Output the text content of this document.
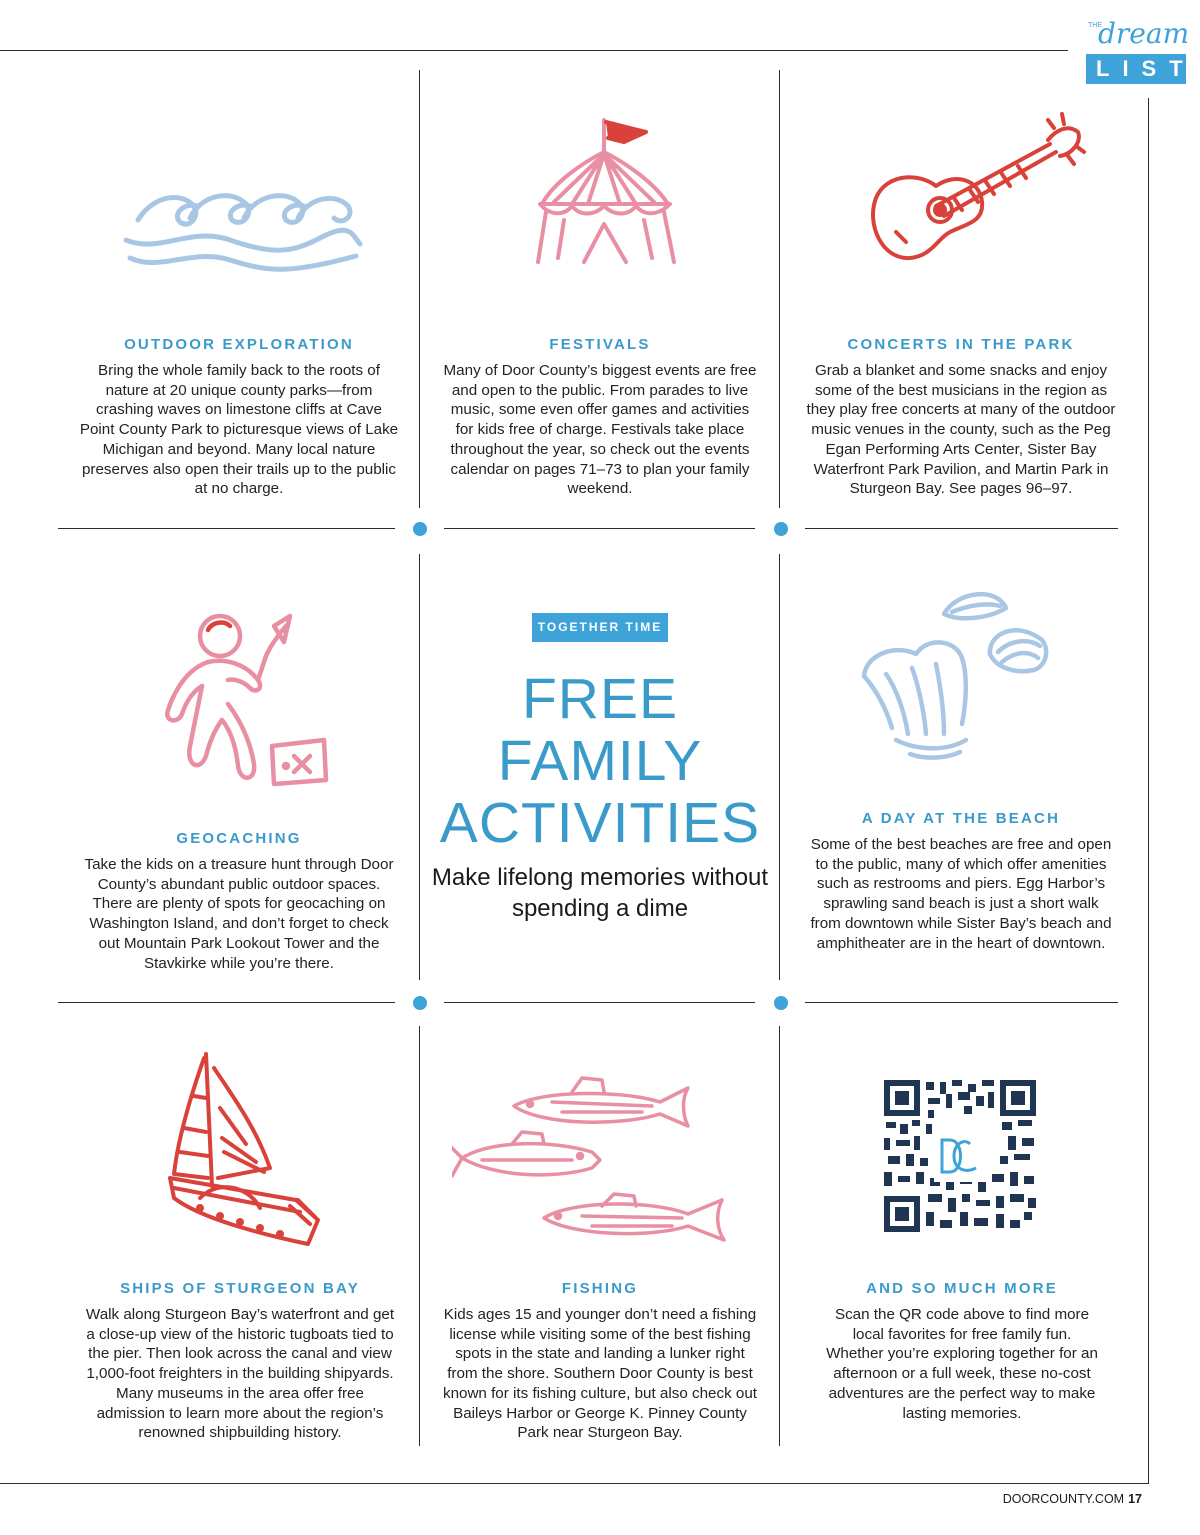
THE
dream
LIST
OUTDOOR EXPLORATION

Bring the whole family back to the roots of nature at 20 unique county parks—from crashing waves on limestone cliffs at Cave Point County Park to picturesque views of Lake Michigan and beyond. Many local nature preserves also open their trails up to the public at no charge.

FESTIVALS

Many of Door County’s biggest events are free and open to the public. From parades to live music, some even offer games and activities for kids free of charge. Festivals take place throughout the year, so check out the events calendar on pages 71–73 to plan your family weekend.

CONCERTS IN THE PARK

Grab a blanket and some snacks and enjoy some of the best musicians in the region as they play free concerts at many of the outdoor music venues in the county, such as the Peg Egan Performing Arts Center, Sister Bay Waterfront Park Pavilion, and Martin Park in Sturgeon Bay. See pages 96–97.

GEOCACHING

Take the kids on a treasure hunt through Door County’s abundant public outdoor spaces. There are plenty of spots for geocaching on Washington Island, and don’t forget to check out Mountain Park Lookout Tower and the Stavkirke while you’re there.

A DAY AT THE BEACH

Some of the best beaches are free and open to the public, many of which offer amenities such as restrooms and piers. Egg Harbor’s sprawling sand beach is just a short walk from downtown while Sister Bay’s beach and amphitheater are in the heart of downtown.

SHIPS OF STURGEON BAY

Walk along Sturgeon Bay’s waterfront and get a close-up view of the historic tugboats tied to the pier. Then look across the canal and view 1,000-foot freighters in the building shipyards. Many museums in the area offer free admission to learn more about the region’s renowned shipbuilding history.

FISHING

Kids ages 15 and younger don’t need a fishing license while visiting some of the best fishing spots in the state and landing a lunker right from the shore. Southern Door County is best known for its fishing culture, but also check out Baileys Harbor or George K. Pinney County Park near Sturgeon Bay.

AND SO MUCH MORE

Scan the QR code above to find more local favorites for free family fun. Whether you’re exploring together for an afternoon or a full week, these no-cost adventures are the perfect way to make lasting memories.

TOGETHER TIME
FREE
FAMILY
ACTIVITIES
Make lifelong memories without spending a dime
DOORCOUNTY.COM 17
